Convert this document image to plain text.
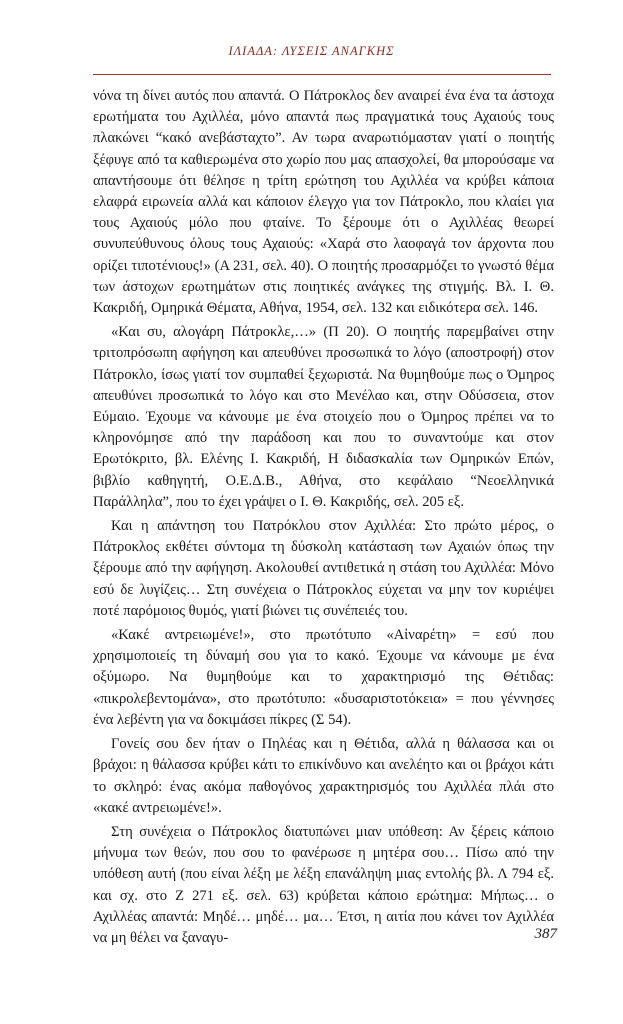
ΙΛΙΑΔΑ: ΛΥΣΕΙΣ ΑΝΑΓΚΗΣ

νόνα τη δίνει αυτός που απαντά. Ο Πάτροκλος δεν αναιρεί ένα ένα τα άστοχα ερωτήματα του Αχιλλέα, μόνο απαντά πως πραγματικά τους Αχαιούς τους πλακώνει “κακό ανεβάσταχτο”. Αν τωρα αναρωτιόμασταν γιατί ο ποιητής ξέφυγε από τα καθιερωμένα στο χωρίο που μας απασχολεί, θα μπορούσαμε να απαντήσουμε ότι θέλησε η τρίτη ερώτηση του Αχιλλέα να κρύβει κάποια ελαφρά ειρωνεία αλλά και κάποιον έλεγχο για τον Πάτροκλο, που κλαίει για τους Αχαιούς μόλο που φταίνε. Το ξέρουμε ότι ο Αχιλλέας θεωρεί συνυπεύθυνους όλους τους Αχαιούς: «Χαρά στο λαοφαγά τον άρχοντα που ορίζει τιποτένιους!» (Α 231, σελ. 40). Ο ποιητής προσαρμόζει το γνωστό θέμα των άστοχων ερωτημάτων στις ποιητικές ανάγκες της στιγμής. Βλ. Ι. Θ. Κακριδή, Ομηρικά Θέματα, Αθήνα, 1954, σελ. 132 και ειδικότερα σελ. 146.

«Και συ, αλογάρη Πάτροκλε,…» (Π 20). Ο ποιητής παρεμβαίνει στην τριτοπρόσωπη αφήγηση και απευθύνει προσωπικά το λόγο (αποστροφή) στον Πάτροκλο, ίσως γιατί τον συμπαθεί ξεχωριστά. Να θυμηθούμε πως ο Όμηρος απευθύνει προσωπικά το λόγο και στο Μενέλαο και, στην Οδύσσεια, στον Εύμαιο. Έχουμε να κάνουμε με ένα στοιχείο που ο Όμηρος πρέπει να το κληρονόμησε από την παράδοση και που το συναντούμε και στον Ερωτόκριτο, βλ. Ελένης Ι. Κακριδή, Η διδασκαλία των Ομηρικών Επών, βιβλίο καθηγητή, Ο.Ε.Δ.Β., Αθήνα, στο κεφάλαιο “Νεοελληνικά Παράλληλα”, που το έχει γράψει ο Ι. Θ. Κακριδής, σελ. 205 εξ.

Και η απάντηση του Πατρόκλου στον Αχιλλέα: Στο πρώτο μέρος, ο Πάτροκλος εκθέτει σύντομα τη δύσκολη κατάσταση των Αχαιών όπως την ξέρουμε από την αφήγηση. Ακολουθεί αντιθετικά η στάση του Αχιλλέα: Μόνο εσύ δε λυγίζεις… Στη συνέχεια ο Πάτροκλος εύχεται να μην τον κυριέψει ποτέ παρόμοιος θυμός, γιατί βιώνει τις συνέπειές του.

«Κακέ αντρειωμένε!», στο πρωτότυπο «Αἰναρέτη» = εσύ που χρησιμοποιείς τη δύναμή σου για το κακό. Έχουμε να κάνουμε με ένα οξύμωρο. Να θυμηθούμε και το χαρακτηρισμό της Θέτιδας: «πικρολεβεντομάνα», στο πρωτότυπο: «δυσαριστοτόκεια» = που γέννησες ένα λεβέντη για να δοκιμάσει πίκρες (Σ 54).

Γονείς σου δεν ήταν ο Πηλέας και η Θέτιδα, αλλά η θάλασσα και οι βράχοι: η θάλασσα κρύβει κάτι το επικίνδυνο και ανελέητο και οι βράχοι κάτι το σκληρό: ένας ακόμα παθογόνος χαρακτηρισμός του Αχιλλέα πλάι στο «κακέ αντρειωμένε!».

Στη συνέχεια ο Πάτροκλος διατυπώνει μιαν υπόθεση: Αν ξέρεις κάποιο μήνυμα των θεών, που σου το φανέρωσε η μητέρα σου… Πίσω από την υπόθεση αυτή (που είναι λέξη με λέξη επανάληψη μιας εντολής βλ. Λ 794 εξ. και σχ. στο Ζ 271 εξ. σελ. 63) κρύβεται κάποιο ερώτημα: Μήπως… ο Αχιλλέας απαντά: Μηδέ… μηδέ… μα… Έτσι, η αιτία που κάνει τον Αχιλλέα να μη θέλει να ξαναγυ-	387
